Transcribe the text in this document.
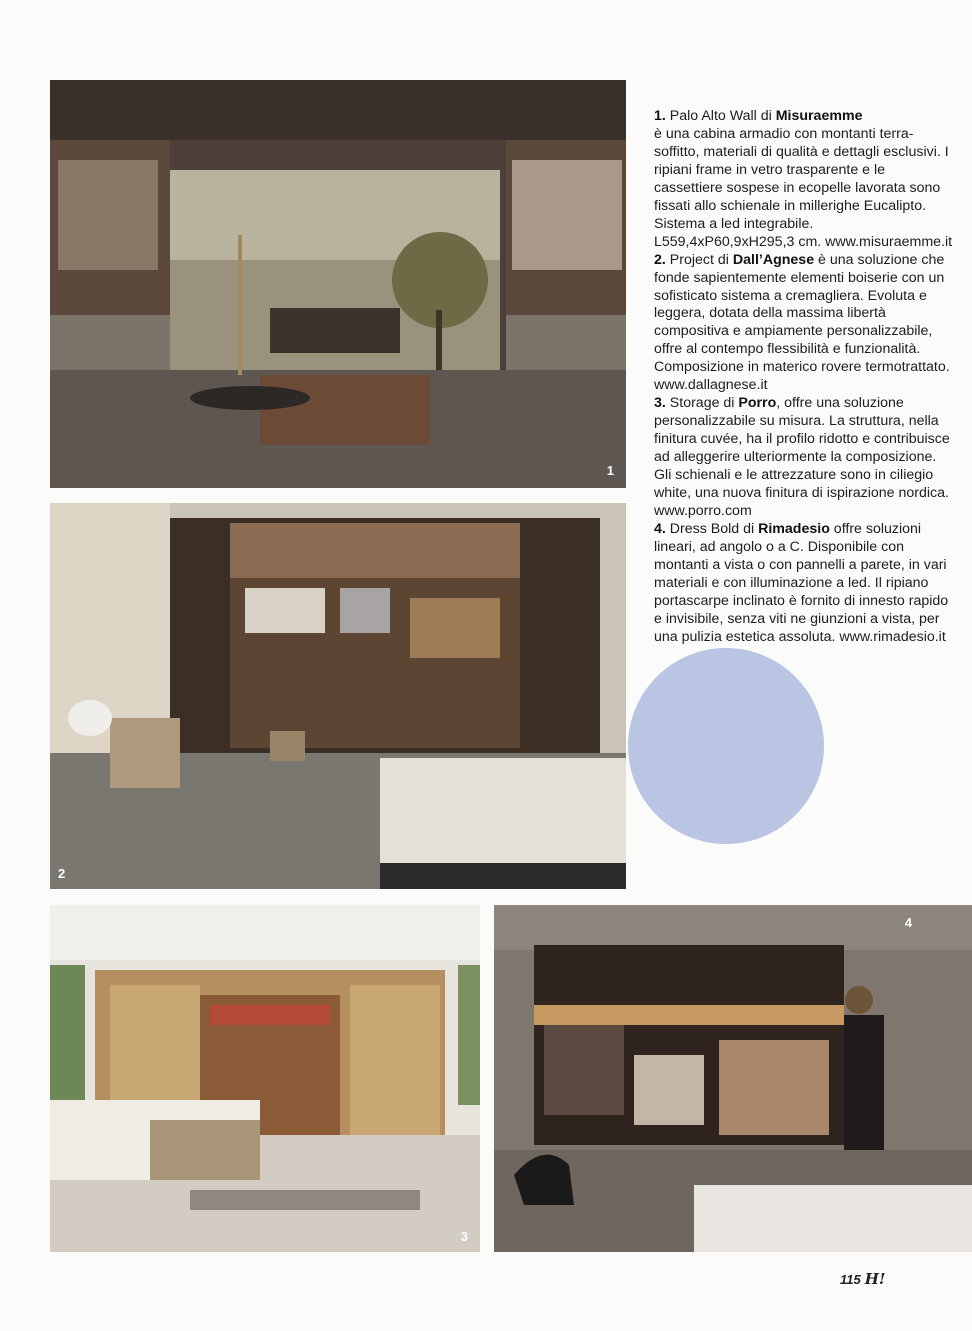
1
2
3
4

1. Palo Alto Wall di Misuraemme
è una cabina armadio con montanti terra-soffitto, materiali di qualità e dettagli esclusivi. I ripiani frame in vetro trasparente e le cassettiere sospese in ecopelle lavorata sono fissati allo schienale in millerighe Eucalipto. Sistema a led integrabile. L559,4xP60,9xH295,3 cm. www.misuraemme.it

2. Project di Dall’Agnese è una soluzione che fonde sapientemente elementi boiserie con un sofisticato sistema a cremagliera. Evoluta e leggera, dotata della massima libertà compositiva e ampiamente personalizzabile, offre al contempo flessibilità e funzionalità. Composizione in materico rovere termotrattato. www.dallagnese.it

3. Storage di Porro, offre una soluzione personalizzabile su misura. La struttura, nella finitura cuvée, ha il profilo ridotto e contribuisce ad alleggerire ulteriormente la composizione. Gli schienali e le attrezzature sono in ciliegio white, una nuova finitura di ispirazione nordica. www.porro.com

4. Dress Bold di Rimadesio offre soluzioni lineari, ad angolo o a C. Disponibile con montanti a vista o con pannelli a parete, in vari materiali e con illuminazione a led. Il ripiano portascarpe inclinato è fornito di innesto rapido e invisibile, senza viti ne giunzioni a vista, per una pulizia estetica assoluta. www.rimadesio.it

115 H!
